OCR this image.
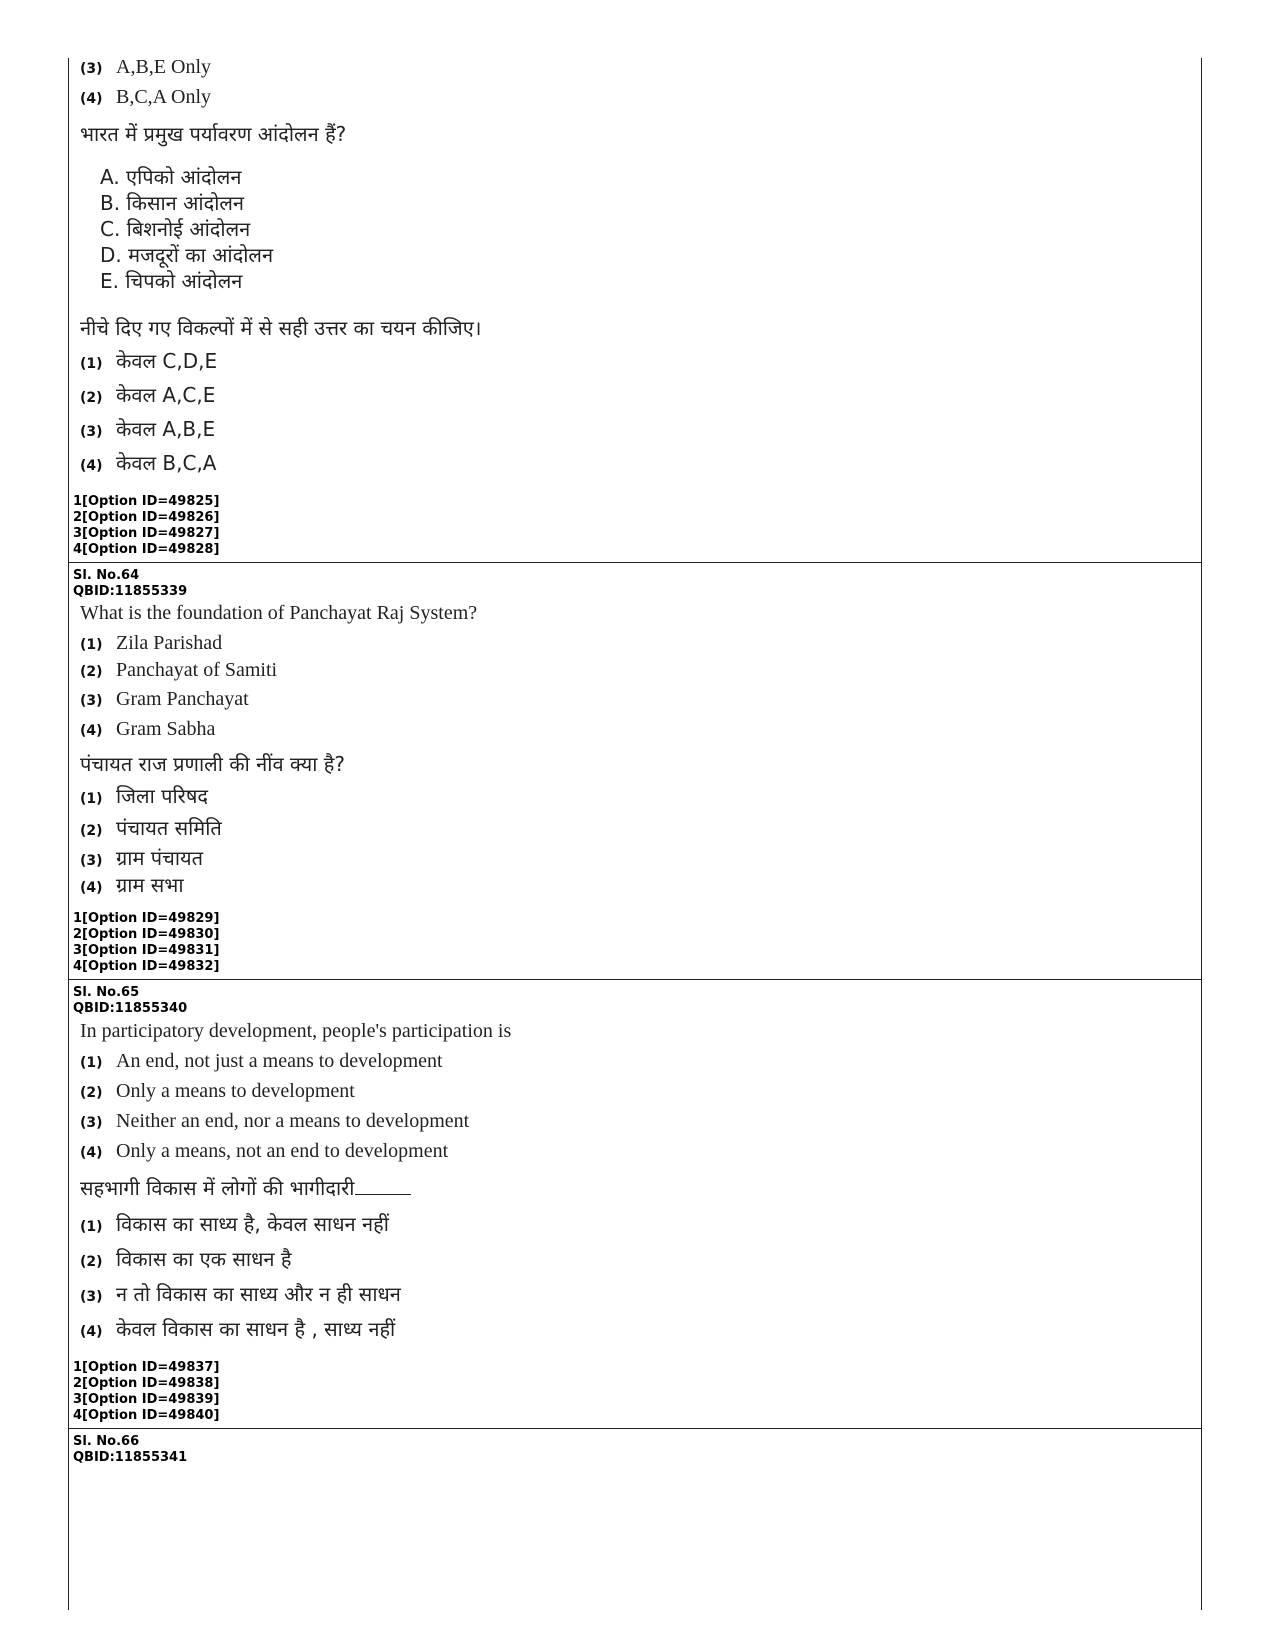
(3) A,B,E Only
(4) B,C,A Only
भारत में प्रमुख पर्यावरण आंदोलन हैं?
A. एपिको आंदोलन
B. किसान आंदोलन
C. बिशनोई आंदोलन
D. मजदूरों का आंदोलन
E. चिपको आंदोलन
नीचे दिए गए विकल्पों में से सही उत्तर का चयन कीजिए।
(1) केवल C,D,E
(2) केवल A,C,E
(3) केवल A,B,E
(4) केवल B,C,A
1[Option ID=49825]
2[Option ID=49826]
3[Option ID=49827]
4[Option ID=49828]
Sl. No.64
QBID:11855339
What is the foundation of Panchayat Raj System?
(1) Zila Parishad
(2) Panchayat of Samiti
(3) Gram Panchayat
(4) Gram Sabha
पंचायत राज प्रणाली की नींव क्या है?
(1) जिला परिषद
(2) पंचायत समिति
(3) ग्राम पंचायत
(4) ग्राम सभा
1[Option ID=49829]
2[Option ID=49830]
3[Option ID=49831]
4[Option ID=49832]
Sl. No.65
QBID:11855340
In participatory development, people's participation is
(1) An end, not just a means to development
(2) Only a means to development
(3) Neither an end, nor a means to development
(4) Only a means, not an end to development
सहभागी विकास में लोगों की भागीदारी
(1) विकास का साध्य है, केवल साधन नहीं
(2) विकास का एक साधन है
(3) न तो विकास का साध्य और न ही साधन
(4) केवल विकास का साधन है , साध्य नहीं
1[Option ID=49837]
2[Option ID=49838]
3[Option ID=49839]
4[Option ID=49840]
Sl. No.66
QBID:11855341
